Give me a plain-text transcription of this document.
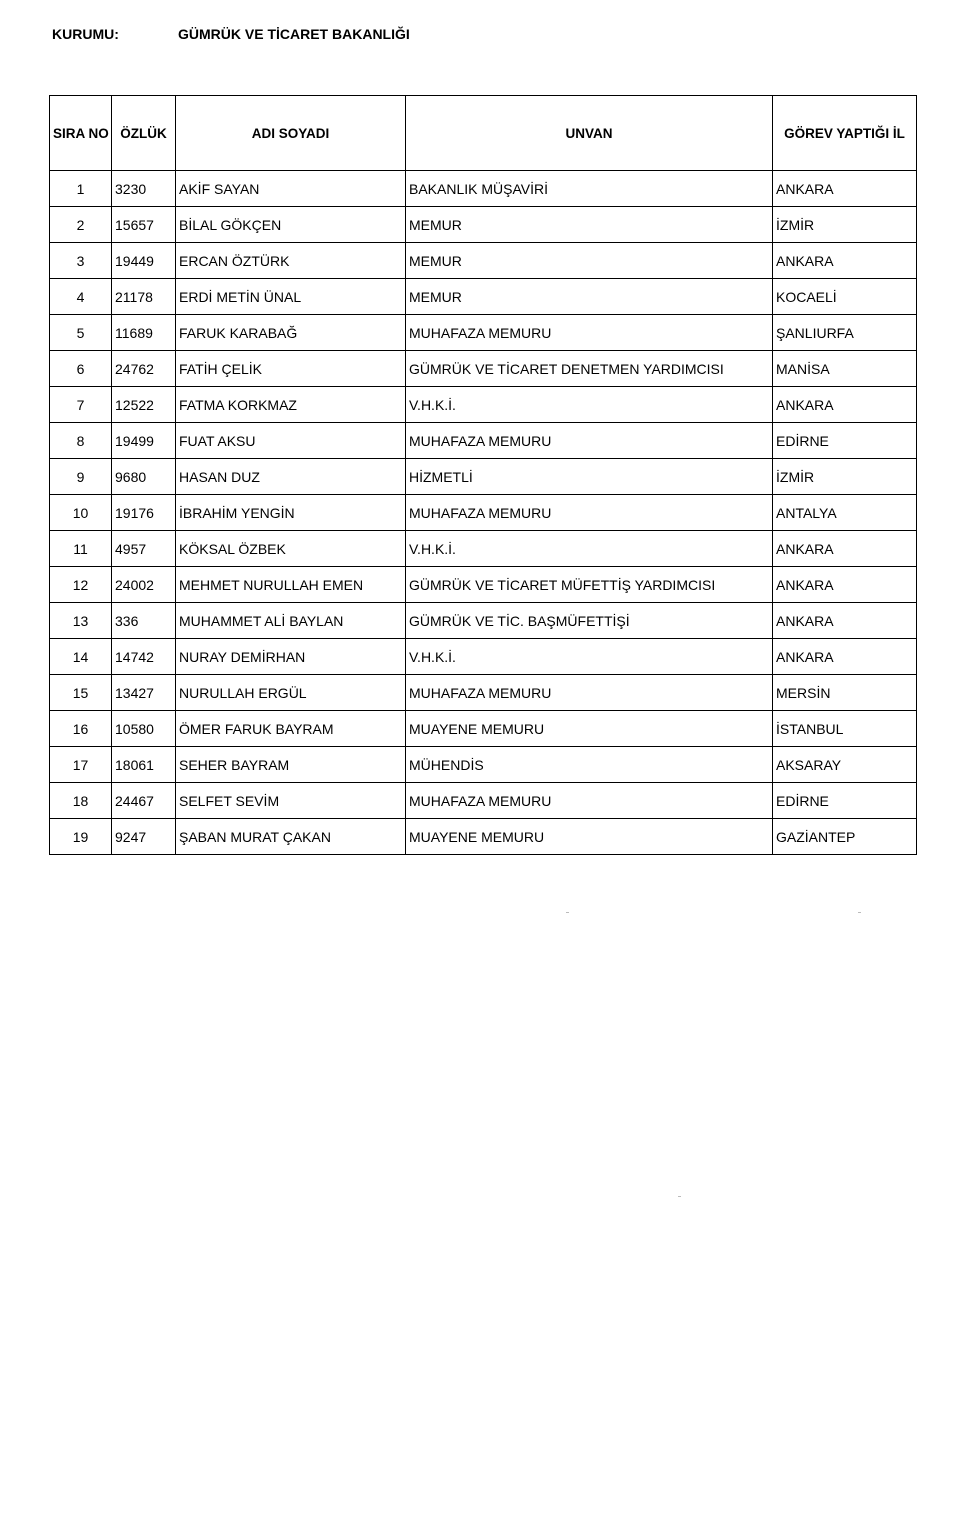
KURUMU:	GÜMRÜK VE TİCARET BAKANLIĞI
SIRA NO	ÖZLÜK	ADI SOYADI	UNVAN	GÖREV YAPTIĞI İL
1	3230	AKİF SAYAN	BAKANLIK MÜŞAVİRİ	ANKARA
2	15657	BİLAL GÖKÇEN	MEMUR	İZMİR
3	19449	ERCAN ÖZTÜRK	MEMUR	ANKARA
4	21178	ERDİ METİN ÜNAL	MEMUR	KOCAELİ
5	11689	FARUK KARABAĞ	MUHAFAZA MEMURU	ŞANLIURFA
6	24762	FATİH ÇELİK	GÜMRÜK VE TİCARET DENETMEN YARDIMCISI	MANİSA
7	12522	FATMA KORKMAZ	V.H.K.İ.	ANKARA
8	19499	FUAT AKSU	MUHAFAZA MEMURU	EDİRNE
9	9680	HASAN DUZ	HİZMETLİ	İZMİR
10	19176	İBRAHİM YENGİN	MUHAFAZA MEMURU	ANTALYA
11	4957	KÖKSAL ÖZBEK	V.H.K.İ.	ANKARA
12	24002	MEHMET NURULLAH EMEN	GÜMRÜK VE TİCARET MÜFETTİŞ YARDIMCISI	ANKARA
13	336	MUHAMMET ALİ BAYLAN	GÜMRÜK VE TİC. BAŞMÜFETTİŞİ	ANKARA
14	14742	NURAY DEMİRHAN	V.H.K.İ.	ANKARA
15	13427	NURULLAH ERGÜL	MUHAFAZA MEMURU	MERSİN
16	10580	ÖMER FARUK BAYRAM	MUAYENE MEMURU	İSTANBUL
17	18061	SEHER BAYRAM	MÜHENDİS	AKSARAY
18	24467	SELFET SEVİM	MUHAFAZA MEMURU	EDİRNE
19	9247	ŞABAN MURAT ÇAKAN	MUAYENE MEMURU	GAZİANTEP
